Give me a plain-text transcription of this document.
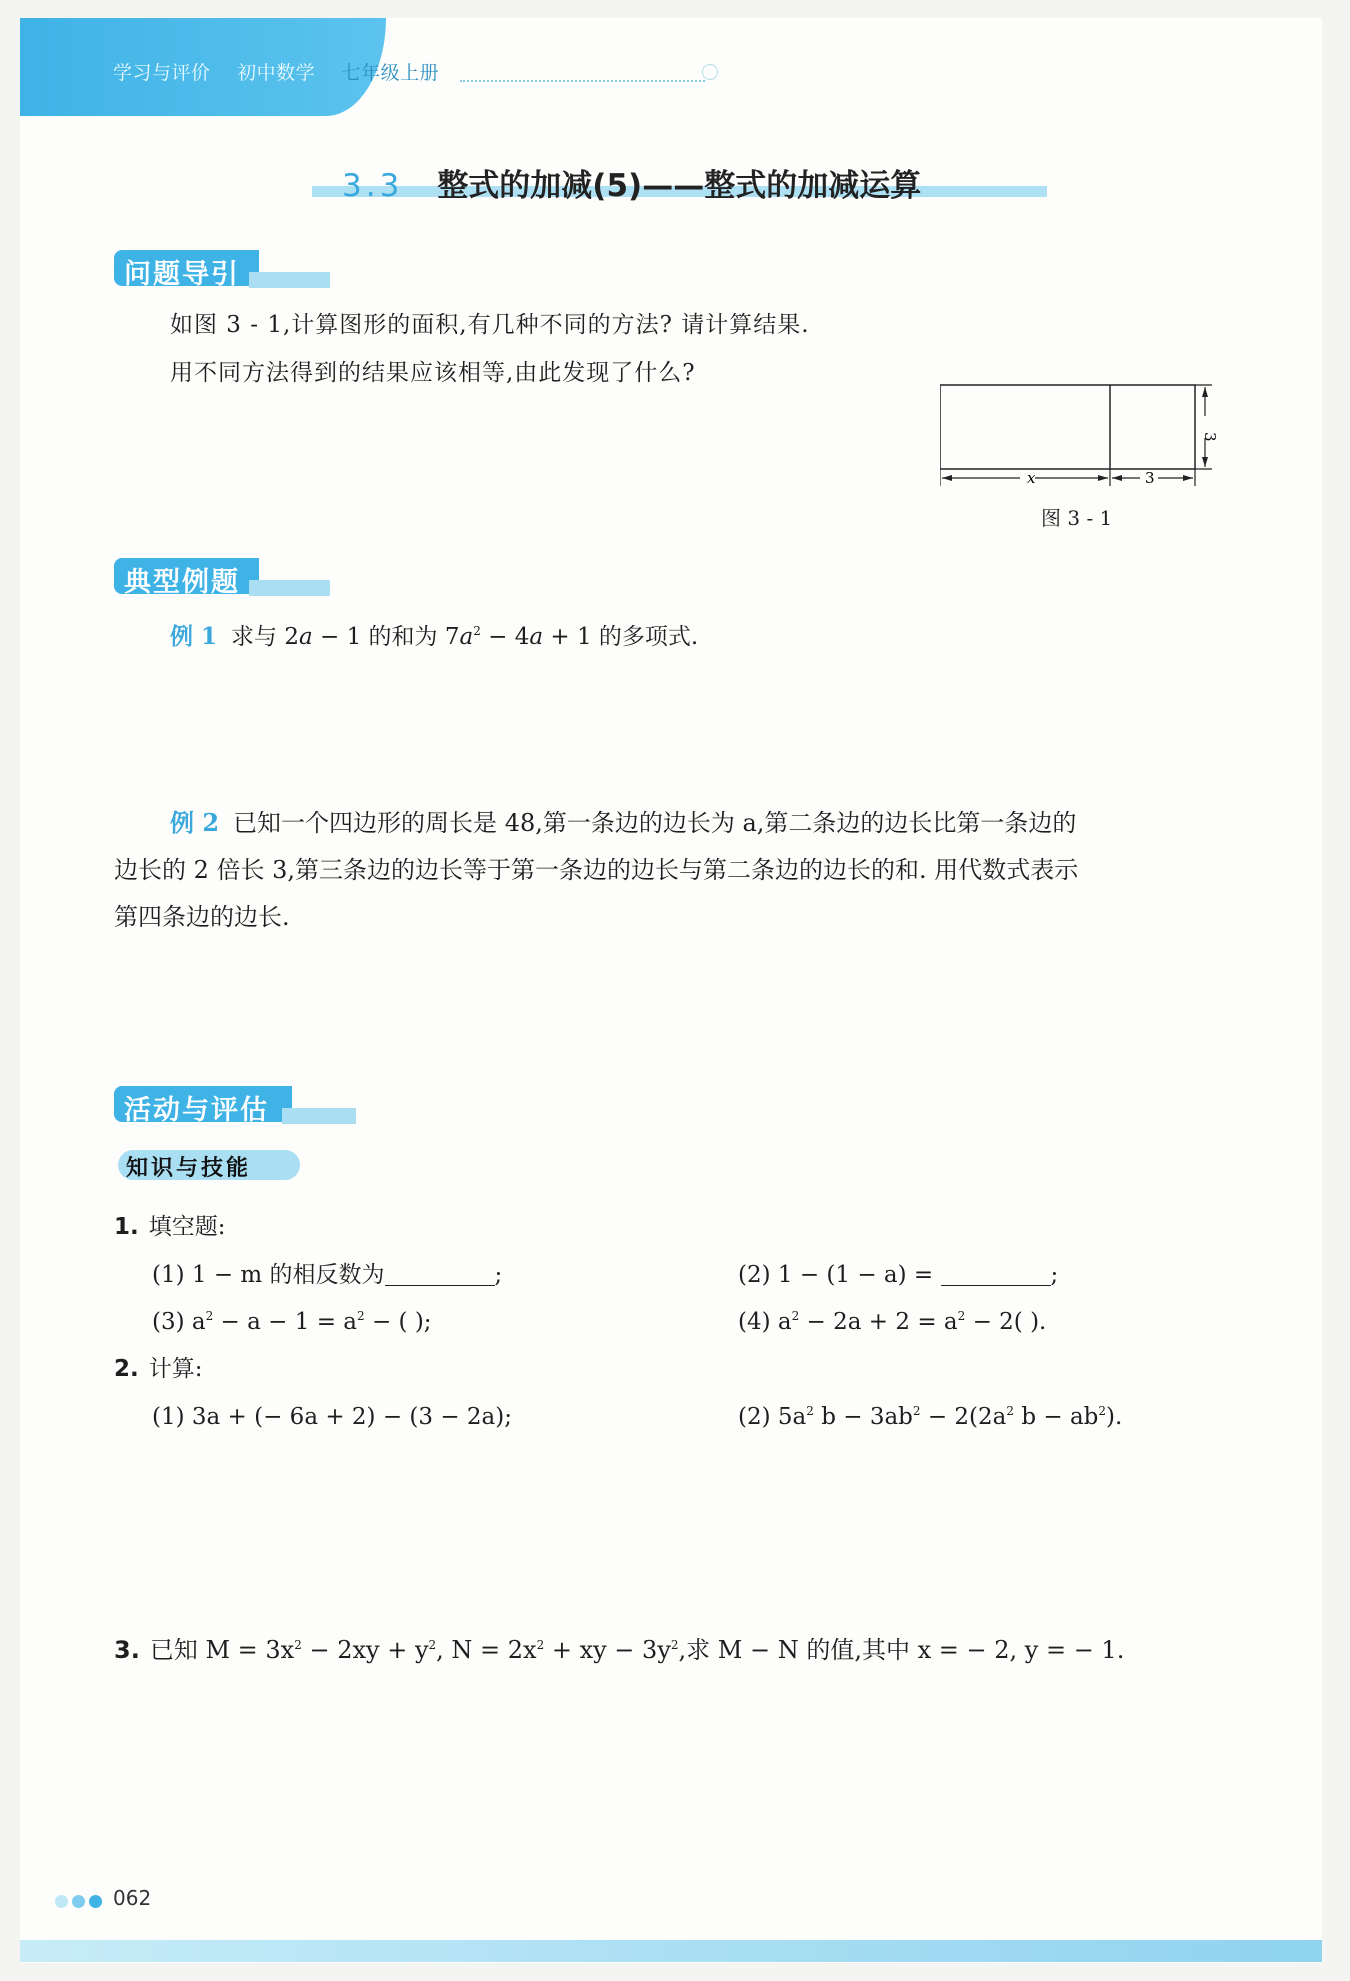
学习与评价 初中数学 七年级上册
3.3 整式的加减(5)——整式的加减运算
问题导引
如图 3 - 1,计算图形的面积,有几种不同的方法? 请计算结果.
用不同方法得到的结果应该相等,由此发现了什么?
x	3
3
图 3 - 1
典型例题
例 1 求与 2a − 1 的和为 $7a^2 - 4a + 1$ 的多项式.
例 2 已知一个四边形的周长是 48,第一条边的边长为 a,第二条边的边长比第一条边的
边长的 2 倍长 3,第三条边的边长等于第一条边的边长与第二条边的边长的和. 用代数式表示
第四条边的边长.
活动与评估
知识与技能
1. 填空题:
(1) 1 − m 的相反数为	;	(2) 1 − (1 − a) =	;
(3) $a^2 - a - 1 = a^2$ − ( );	(4) $a^2 - 2a + 2 = a^2 - 2$( ).
2. 计算:
(1) 3a + (− 6a + 2) − (3 − 2a);	(2) $5a^2$ $b - 3ab^2 - 2(2a^2$ $b - ab^2$).
3. 已知 $M = 3x^2 - 2xy + y^2$, $N = 2x^2$ + xy − $3y^2$,求 M − N 的值,其中 x = − 2, y = − 1.
062
